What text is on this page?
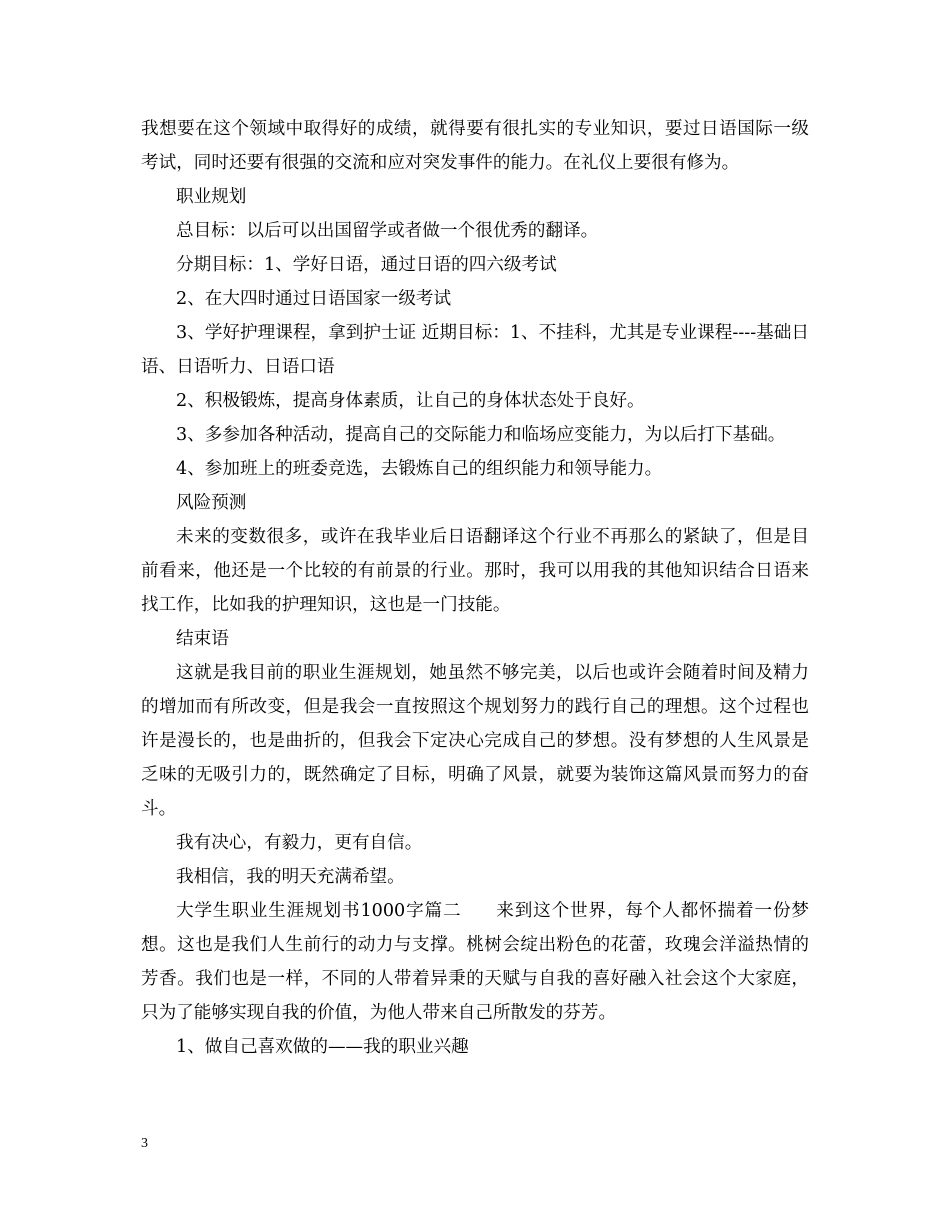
我想要在这个领域中取得好的成绩，就得要有很扎实的专业知识，要过日语国际一级考试，同时还要有很强的交流和应对突发事件的能力。在礼仪上要很有修为。

职业规划

总目标：以后可以出国留学或者做一个很优秀的翻译。

分期目标：1、学好日语，通过日语的四六级考试

2、在大四时通过日语国家一级考试

3、学好护理课程，拿到护士证 近期目标：1、不挂科，尤其是专业课程----基础日语、日语听力、日语口语

2、积极锻炼，提高身体素质，让自己的身体状态处于良好。

3、多参加各种活动，提高自己的交际能力和临场应变能力，为以后打下基础。

4、参加班上的班委竞选，去锻炼自己的组织能力和领导能力。

风险预测

未来的变数很多，或许在我毕业后日语翻译这个行业不再那么的紧缺了，但是目前看来，他还是一个比较的有前景的行业。那时，我可以用我的其他知识结合日语来找工作，比如我的护理知识，这也是一门技能。

结束语

这就是我目前的职业生涯规划，她虽然不够完美，以后也或许会随着时间及精力的增加而有所改变，但是我会一直按照这个规划努力的践行自己的理想。这个过程也许是漫长的，也是曲折的，但我会下定决心完成自己的梦想。没有梦想的人生风景是乏味的无吸引力的，既然确定了目标，明确了风景，就要为装饰这篇风景而努力的奋斗。

我有决心，有毅力，更有自信。

我相信，我的明天充满希望。

大学生职业生涯规划书1000字篇二 来到这个世界，每个人都怀揣着一份梦想。这也是我们人生前行的动力与支撑。桃树会绽出粉色的花蕾，玫瑰会洋溢热情的芳香。我们也是一样，不同的人带着异秉的天赋与自我的喜好融入社会这个大家庭，只为了能够实现自我的价值，为他人带来自己所散发的芬芳。

1、做自己喜欢做的——我的职业兴趣

3
